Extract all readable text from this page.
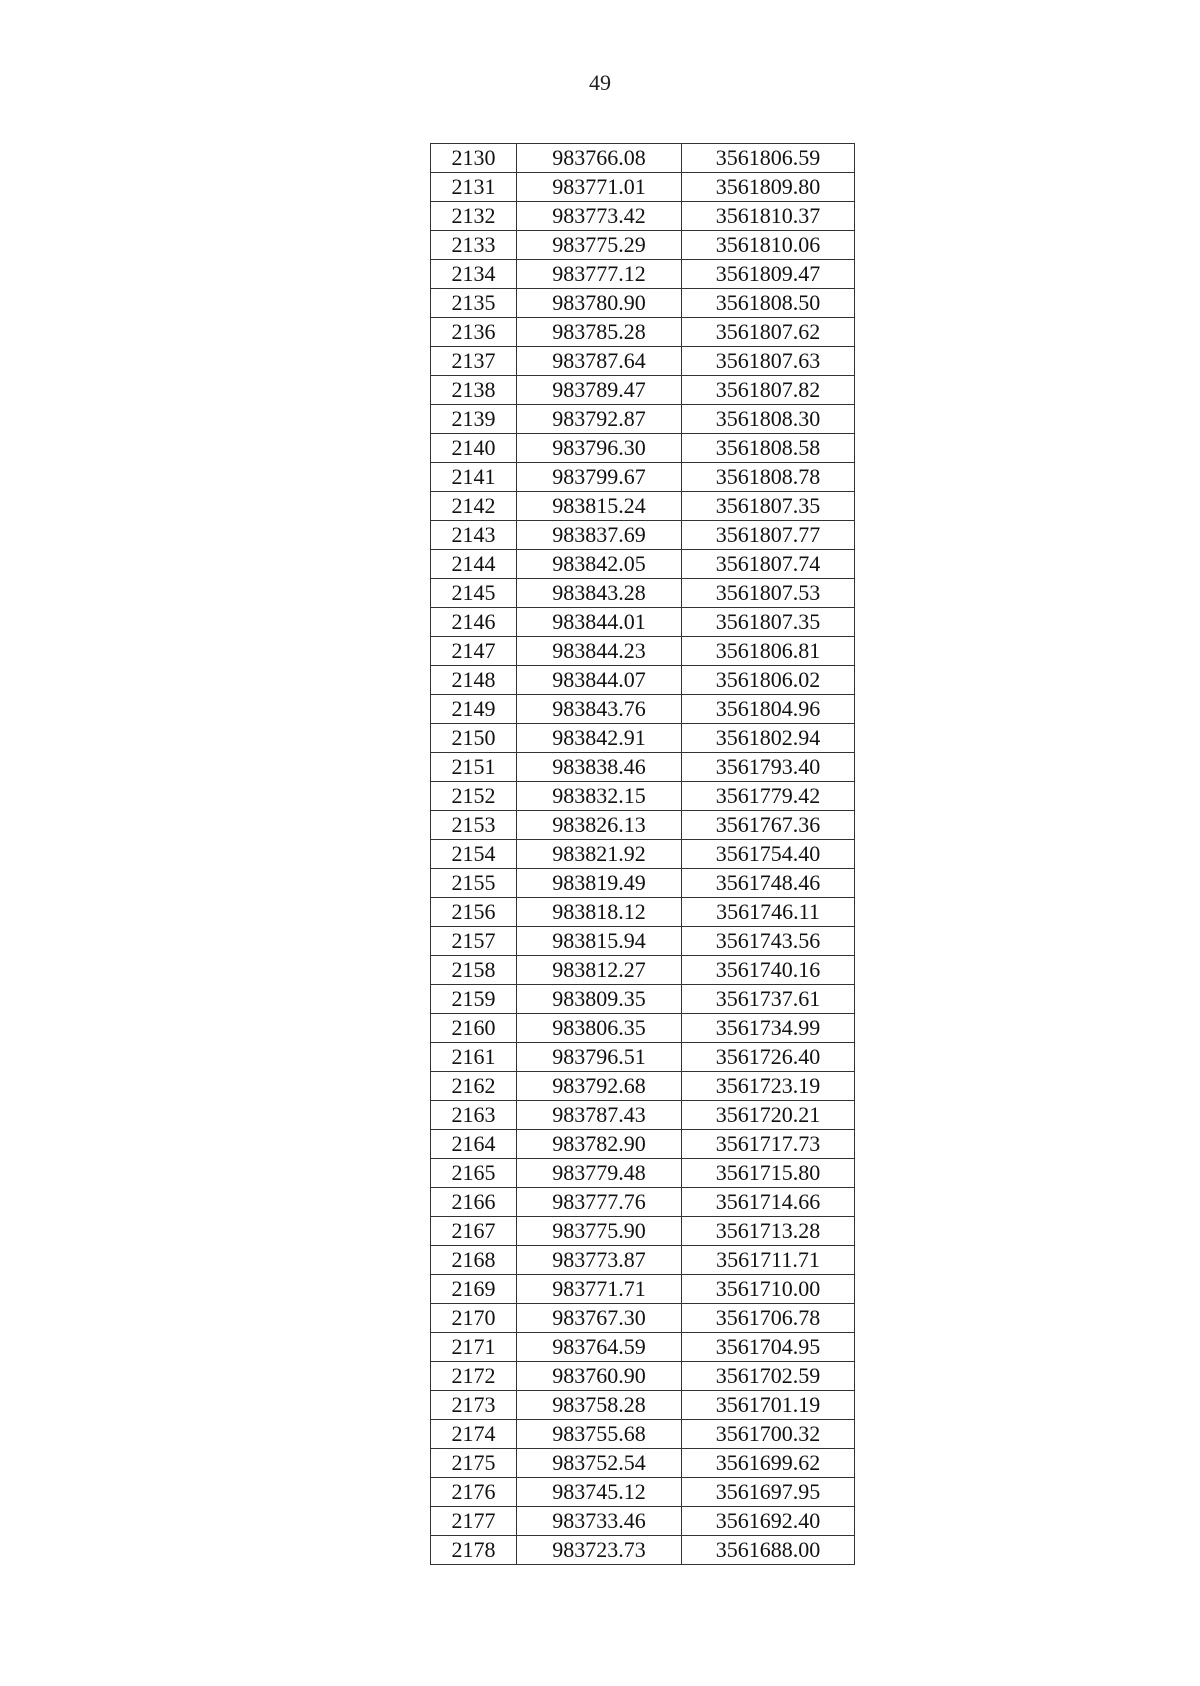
49
2130	983766.08	3561806.59
2131	983771.01	3561809.80
2132	983773.42	3561810.37
2133	983775.29	3561810.06
2134	983777.12	3561809.47
2135	983780.90	3561808.50
2136	983785.28	3561807.62
2137	983787.64	3561807.63
2138	983789.47	3561807.82
2139	983792.87	3561808.30
2140	983796.30	3561808.58
2141	983799.67	3561808.78
2142	983815.24	3561807.35
2143	983837.69	3561807.77
2144	983842.05	3561807.74
2145	983843.28	3561807.53
2146	983844.01	3561807.35
2147	983844.23	3561806.81
2148	983844.07	3561806.02
2149	983843.76	3561804.96
2150	983842.91	3561802.94
2151	983838.46	3561793.40
2152	983832.15	3561779.42
2153	983826.13	3561767.36
2154	983821.92	3561754.40
2155	983819.49	3561748.46
2156	983818.12	3561746.11
2157	983815.94	3561743.56
2158	983812.27	3561740.16
2159	983809.35	3561737.61
2160	983806.35	3561734.99
2161	983796.51	3561726.40
2162	983792.68	3561723.19
2163	983787.43	3561720.21
2164	983782.90	3561717.73
2165	983779.48	3561715.80
2166	983777.76	3561714.66
2167	983775.90	3561713.28
2168	983773.87	3561711.71
2169	983771.71	3561710.00
2170	983767.30	3561706.78
2171	983764.59	3561704.95
2172	983760.90	3561702.59
2173	983758.28	3561701.19
2174	983755.68	3561700.32
2175	983752.54	3561699.62
2176	983745.12	3561697.95
2177	983733.46	3561692.40
2178	983723.73	3561688.00
